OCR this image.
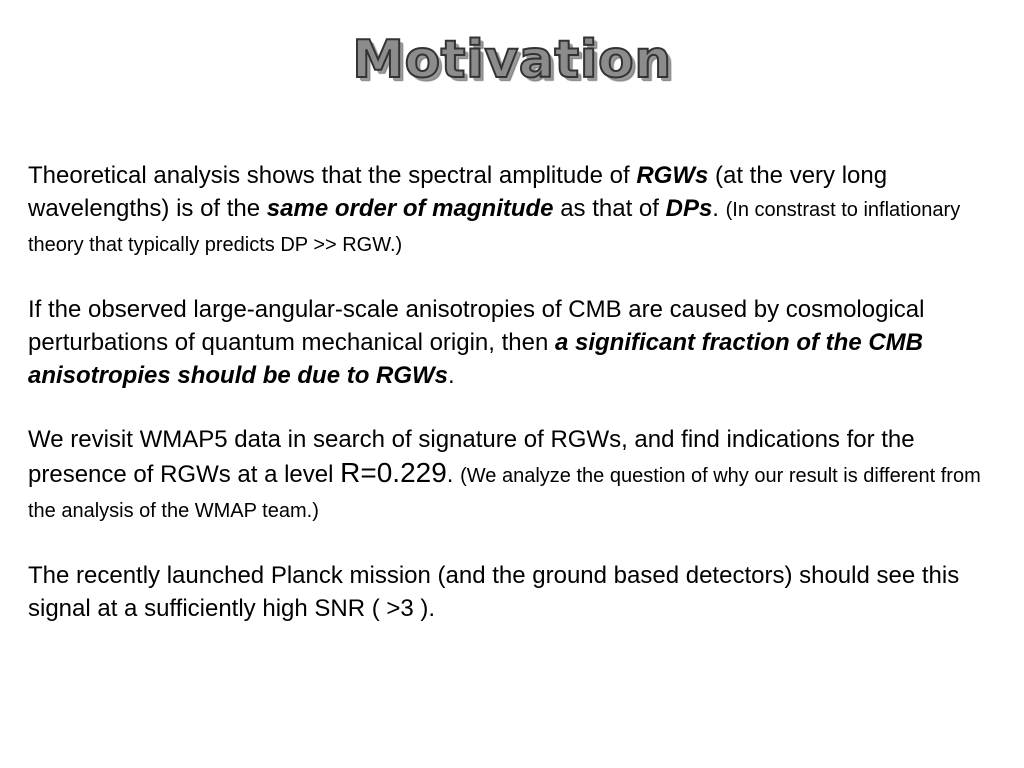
Motivation

Theoretical analysis shows that the spectral amplitude of RGWs (at the very long wavelengths) is of the same order of magnitude as that of DPs. (In constrast to inflationary theory that typically predicts DP >> RGW.)

If the observed large-angular-scale anisotropies of CMB are caused by cosmological perturbations of quantum mechanical origin, then a significant fraction of the CMB anisotropies should be due to RGWs.

We revisit WMAP5 data in search of signature of RGWs, and find indications for the presence of RGWs at a level R=0.229. (We analyze the question of why our result is different from the analysis of the WMAP team.)

The recently launched Planck mission (and the ground based detectors) should see this signal at a sufficiently high SNR ( >3 ).
